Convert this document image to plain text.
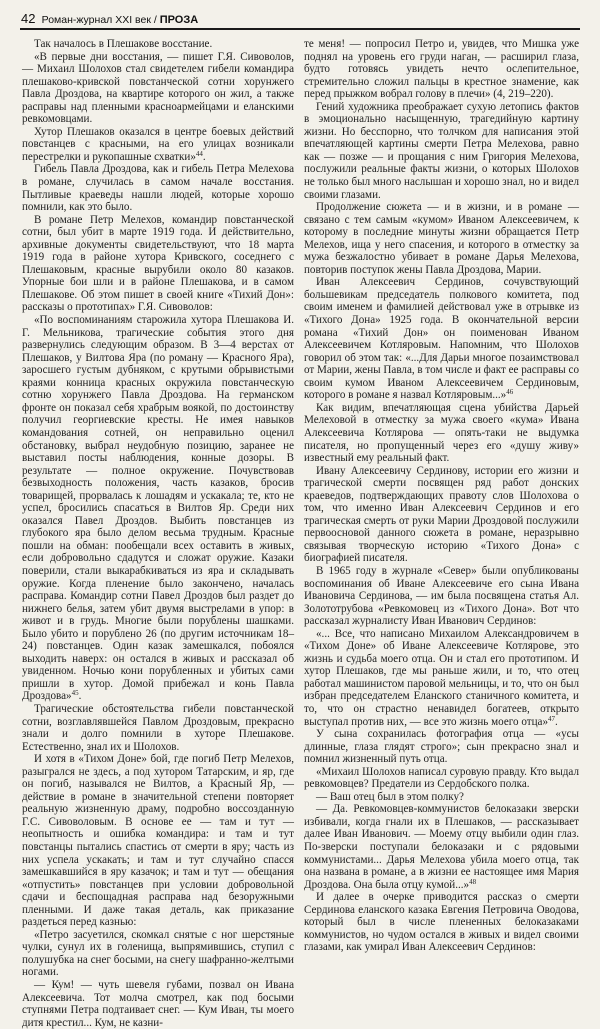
42 Роман-журнал XXI век / ПРОЗА

Так началось в Плешакове восстание.

«В первые дни восстания, — пишет Г.Я. Сивоволов, — Михаил Шолохов стал свидетелем гибели командира плешаково-кривской повстанческой сотни хорунжего Павла Дроздова, на квартире которого он жил, а также расправы над пленными красноармейцами и еланскими ревкомовцами.

Хутор Плешаков оказался в центре боевых действий повстанцев с красными, на его улицах возникали перестрелки и рукопашные схватки»$^{44}$.

Гибель Павла Дроздова, как и гибель Петра Мелехова в романе, случилась в самом начале восстания. Пытливые краеведы нашли людей, которые хорошо помнили, как это было.

В романе Петр Мелехов, командир повстанческой сотни, был убит в марте 1919 года. И действительно, архивные документы свидетельствуют, что 18 марта 1919 года в районе хутора Кривского, соседнего с Плешаковым, красные вырубили около 80 казаков. Упорные бои шли и в районе Плешакова, и в самом Плешакове. Об этом пишет в своей книге «Тихий Дон»: рассказы о прототипах» Г.Я. Сивоволов:

«По воспоминаниям старожила хутора Плешакова И. Г. Мельникова, трагические события этого дня развернулись следующим образом. В 3—4 верстах от Плешаков, у Вилтова Яра (по роману — Красного Яра), заросшего густым дубняком, с крутыми обрывистыми краями конница красных окружила повстанческую сотню хорунжего Павла Дроздова. На германском фронте он показал себя храбрым воякой, по достоинству получил георгиевские кресты. Не имея навыков командования сотней, он неправильно оценил обстановку, выбрал неудобную позицию, заранее не выставил посты наблюдения, конные дозоры. В результате — полное окружение. Почувствовав безвыходность положения, часть казаков, бросив товарищей, прорвалась к лошадям и ускакала; те, кто не успел, бросились спасаться в Вилтов Яр. Среди них оказался Павел Дроздов. Выбить повстанцев из глубокого яра было делом весьма трудным. Красные пошли на обман: пообещали всех оставить в живых, если добровольно сдадутся и сложат оружие. Казаки поверили, стали выкарабкиваться из яра и складывать оружие. Когда пленение было закончено, началась расправа. Командир сотни Павел Дроздов был раздет до нижнего белья, затем убит двумя выстрелами в упор: в живот и в грудь. Многие были порублены шашками. Было убито и порублено 26 (по другим источникам 18–24) повстанцев. Один казак замешкался, побоялся выходить наверх: он остался в живых и рассказал об увиденном. Ночью кони порубленных и убитых сами пришли в хутор. Домой прибежал и конь Павла Дроздова»$^{45}$.

Трагические обстоятельства гибели повстанческой сотни, возглавлявшейся Павлом Дроздовым, прекрасно знали и долго помнили в хуторе Плешакове. Естественно, знал их и Шолохов.

И хотя в «Тихом Доне» бой, где погиб Петр Мелехов, разыгрался не здесь, а под хутором Татарским, и яр, где он погиб, назывался не Вилтов, а Красный Яр, — действие в романе в значительной степени повторяет реальную жизненную драму, подробно воссозданную Г.С. Сивоволовым. В основе ее — там и тут — неопытность и ошибка командира: и там и тут повстанцы пытались спастись от смерти в яру; часть из них успела ускакать; и там и тут случайно спасся замешкавшийся в яру казачок; и там и тут — обещания «отпустить» повстанцев при условии добровольной сдачи и беспощадная расправа над безоружными пленными. И даже такая деталь, как приказание раздеться перед казнью:

«Петро засуетился, скомкал снятые с ног шерстяные чулки, сунул их в голенища, выпрямившись, ступил с полушубка на снег босыми, на снегу шафранно-желтыми ногами.

— Кум! — чуть шевеля губами, позвал он Ивана Алексеевича. Тот молча смотрел, как под босыми ступнями Петра подтаивает снег. — Кум Иван, ты моего дитя крестил... Кум, не казни-

те меня! — попросил Петро и, увидев, что Мишка уже поднял на уровень его груди наган, — расширил глаза, будто готовясь увидеть нечто ослепительное, стремительно сложил пальцы в крестное знамение, как перед прыжком вобрал голову в плечи» (4, 219–220).

Гений художника преображает сухую летопись фактов в эмоционально насыщенную, трагедийную картину жизни. Но бесспорно, что толчком для написания этой впечатляющей картины смерти Петра Мелехова, равно как — позже — и прощания с ним Григория Мелехова, послужили реальные факты жизни, о которых Шолохов не только был много наслышан и хорошо знал, но и видел своими глазами.

Продолжение сюжета — и в жизни, и в романе — связано с тем самым «кумом» Иваном Алексеевичем, к которому в последние минуты жизни обращается Петр Мелехов, ища у него спасения, и которого в отместку за мужа безжалостно убивает в романе Дарья Мелехова, повторив поступок жены Павла Дроздова, Марии.

Иван Алексеевич Сердинов, сочувствующий большевикам председатель полкового комитета, под своим именем и фамилией действовал уже в отрывке из «Тихого Дона» 1925 года. В окончательной версии романа «Тихий Дон» он поименован Иваном Алексеевичем Котляровым. Напомним, что Шолохов говорил об этом так: «...Для Дарьи многое позаимствовал от Марии, жены Павла, в том числе и факт ее расправы со своим кумом Иваном Алексеевичем Сердиновым, которого в романе я назвал Котляровым...»$^{46}$

Как видим, впечатляющая сцена убийства Дарьей Мелеховой в отместку за мужа своего «кума» Ивана Алексеевича Котлярова — опять-таки не выдумка писателя, но пропущенный через его «душу живу» известный ему реальный факт.

Ивану Алексеевичу Сердинову, истории его жизни и трагической смерти посвящен ряд работ донских краеведов, подтверждающих правоту слов Шолохова о том, что именно Иван Алексеевич Сердинов и его трагическая смерть от руки Марии Дроздовой послужили первоосновой данного сюжета в романе, неразрывно связывая творческую историю «Тихого Дона» с биографией писателя.

В 1965 году в журнале «Север» были опубликованы воспоминания об Иване Алексеевиче его сына Ивана Ивановича Сердинова, — им была посвящена статья Ал. Золототрубова «Ревкомовец из «Тихого Дона». Вот что рассказал журналисту Иван Иванович Сердинов:

«... Все, что написано Михаилом Александровичем в «Тихом Доне» об Иване Алексеевиче Котлярове, это жизнь и судьба моего отца. Он и стал его прототипом. И хутор Плешаков, где мы раньше жили, и то, что отец работал машинистом паровой мельницы, и то, что он был избран председателем Еланского станичного комитета, и то, что он страстно ненавидел богатеев, открыто выступал против них, — все это жизнь моего отца»$^{47}$.

У сына сохранилась фотография отца — «усы длинные, глаза глядят строго»; сын прекрасно знал и помнил жизненный путь отца.

«Михаил Шолохов написал суровую правду. Кто выдал ревкомовцев? Предатели из Сердобского полка.

— Ваш отец был в этом полку?

— Да. Ревкомовцев-коммунистов белоказаки зверски избивали, когда гнали их в Плешаков, — рассказывает далее Иван Иванович. — Моему отцу выбили один глаз. По-зверски поступали белоказаки и с рядовыми коммунистами... Дарья Мелехова убила моего отца, так она названа в романе, а в жизни ее настоящее имя Мария Дроздова. Она была отцу кумой...»$^{48}$

И далее в очерке приводится рассказ о смерти Сердинова еланского казака Евгения Петровича Оводова, который был в числе плененных белоказаками коммунистов, но чудом остался в живых и видел своими глазами, как умирал Иван Алексеевич Сердинов:
